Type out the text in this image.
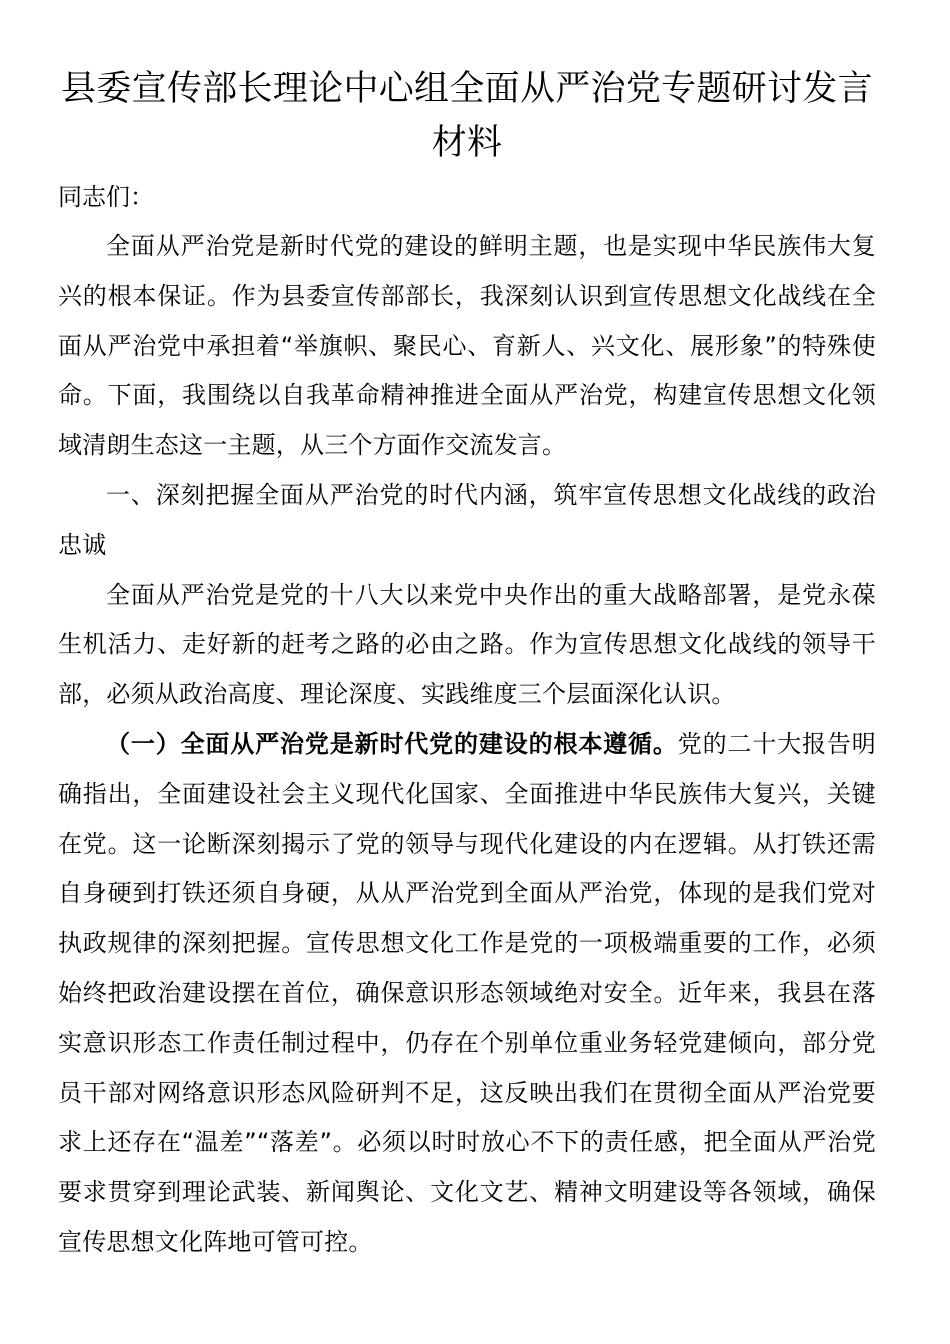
县委宣传部长理论中心组全面从严治党专题研讨发言材料
同志们：

全面从严治党是新时代党的建设的鲜明主题，也是实现中华民族伟大复兴的根本保证。作为县委宣传部部长，我深刻认识到宣传思想文化战线在全面从严治党中承担着“举旗帜、聚民心、育新人、兴文化、展形象”的特殊使命。下面，我围绕以自我革命精神推进全面从严治党，构建宣传思想文化领域清朗生态这一主题，从三个方面作交流发言。

一、深刻把握全面从严治党的时代内涵，筑牢宣传思想文化战线的政治忠诚

全面从严治党是党的十八大以来党中央作出的重大战略部署，是党永葆生机活力、走好新的赶考之路的必由之路。作为宣传思想文化战线的领导干部，必须从政治高度、理论深度、实践维度三个层面深化认识。

（一）全面从严治党是新时代党的建设的根本遵循。党的二十大报告明确指出，全面建设社会主义现代化国家、全面推进中华民族伟大复兴，关键在党。这一论断深刻揭示了党的领导与现代化建设的内在逻辑。从打铁还需自身硬到打铁还须自身硬，从从严治党到全面从严治党，体现的是我们党对执政规律的深刻把握。宣传思想文化工作是党的一项极端重要的工作，必须始终把政治建设摆在首位，确保意识形态领域绝对安全。近年来，我县在落实意识形态工作责任制过程中，仍存在个别单位重业务轻党建倾向，部分党员干部对网络意识形态风险研判不足，这反映出我们在贯彻全面从严治党要求上还存在“温差”“落差”。必须以时时放心不下的责任感，把全面从严治党要求贯穿到理论武装、新闻舆论、文化文艺、精神文明建设等各领域，确保宣传思想文化阵地可管可控。
